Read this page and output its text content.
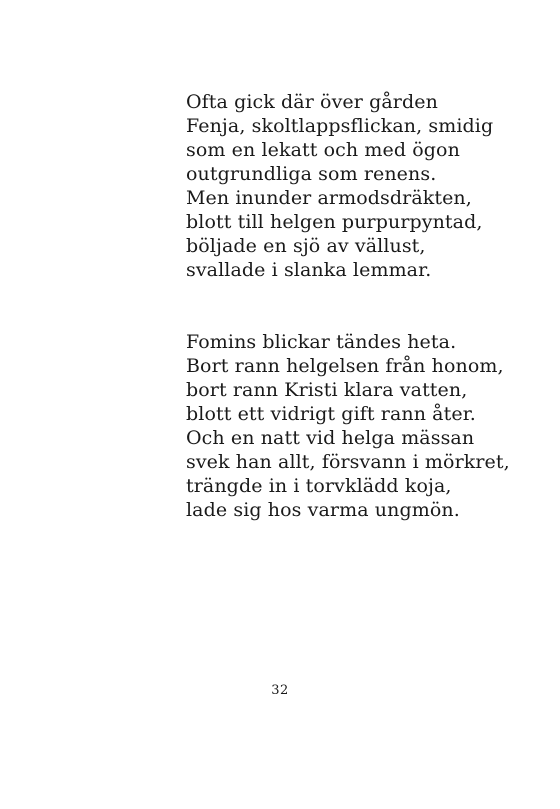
Ofta gick där över gården
Fenja, skoltlappsflickan, smidig
som en lekatt och med ögon
outgrundliga som renens.
Men inunder armodsdräkten,
blott till helgen purpurpyntad,
böljade en sjö av vällust,
svallade i slanka lemmar.
Fomins blickar tändes heta.
Bort rann helgelsen från honom,
bort rann Kristi klara vatten,
blott ett vidrigt gift rann åter.
Och en natt vid helga mässan
svek han allt, försvann i mörkret,
trängde in i torvklädd koja,
lade sig hos varma ungmön.
32
